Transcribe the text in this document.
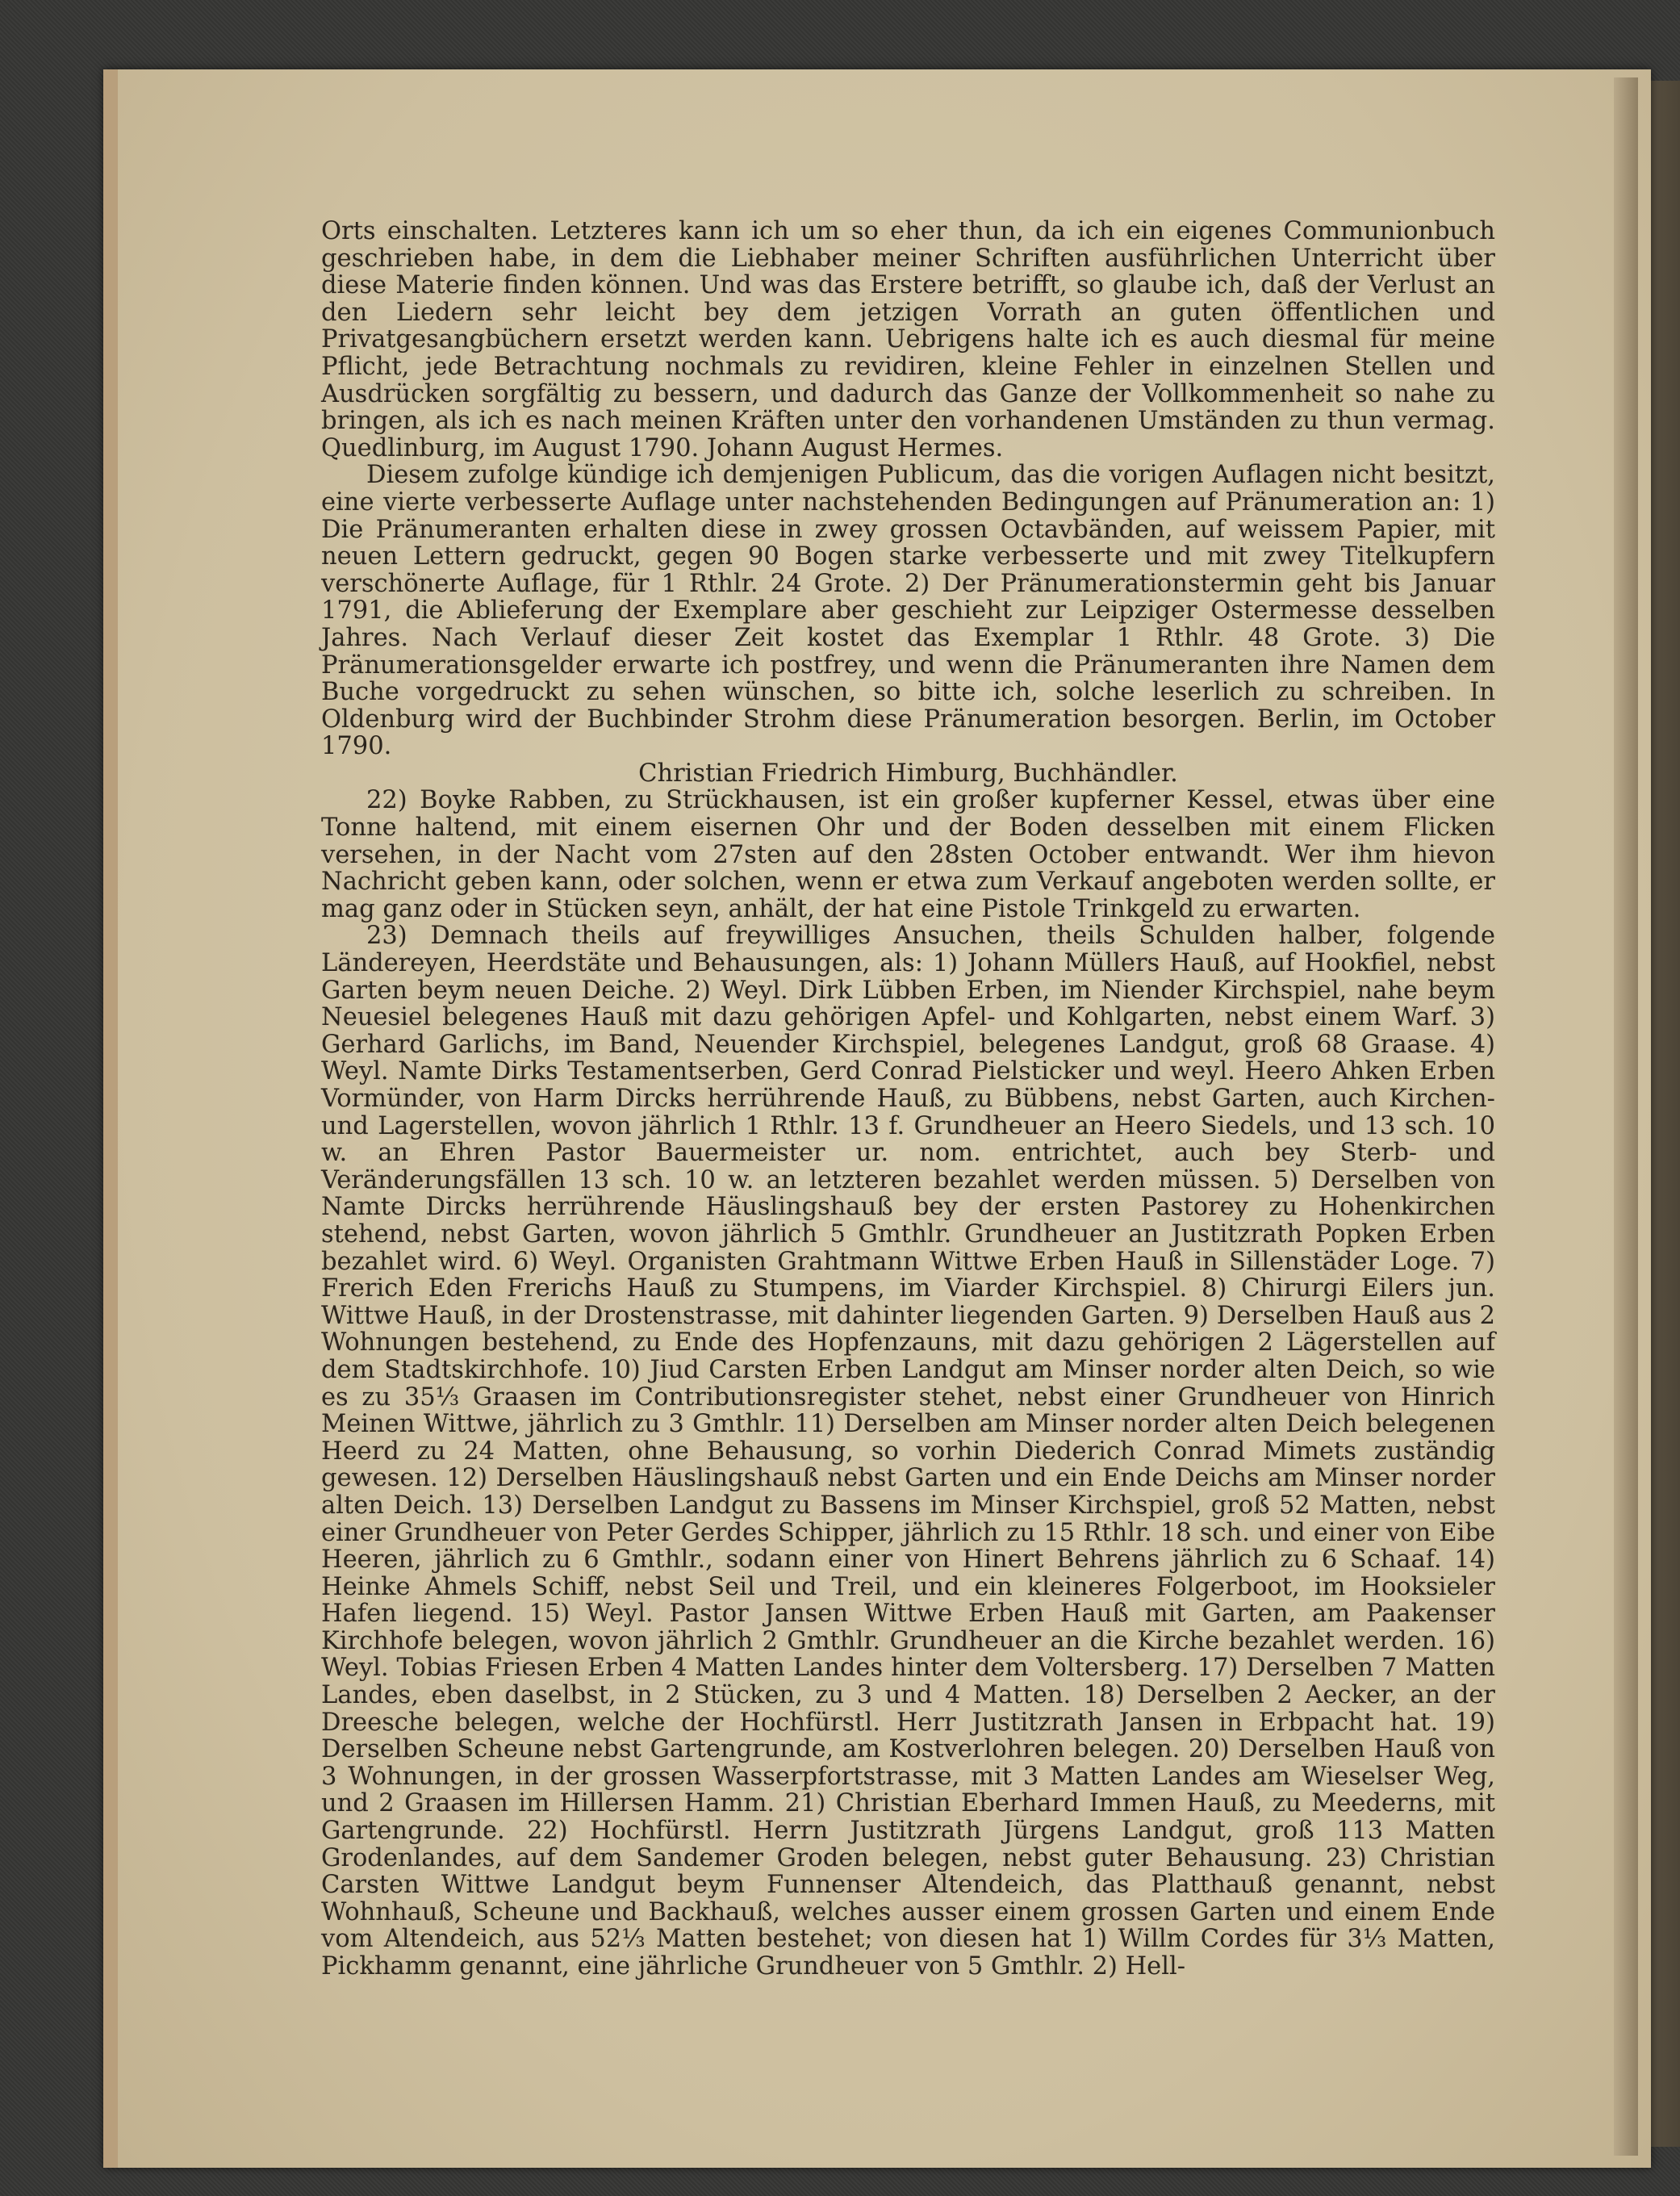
Orts einschalten. Letzteres kann ich um so eher thun, da ich ein eigenes Communionbuch geschrieben habe, in dem die Liebhaber meiner Schriften ausführlichen Unterricht über diese Materie finden können. Und was das Erstere betrifft, so glaube ich, daß der Verlust an den Liedern sehr leicht bey dem jetzigen Vorrath an guten öffentlichen und Privatgesangbüchern ersetzt werden kann. Uebrigens halte ich es auch diesmal für meine Pflicht, jede Betrachtung nochmals zu revidiren, kleine Fehler in einzelnen Stellen und Ausdrücken sorgfältig zu bessern, und dadurch das Ganze der Vollkommenheit so nahe zu bringen, als ich es nach meinen Kräften unter den vorhandenen Umständen zu thun vermag. Quedlinburg, im August 1790. Johann August Hermes.

Diesem zufolge kündige ich demjenigen Publicum, das die vorigen Auflagen nicht besitzt, eine vierte verbesserte Auflage unter nachstehenden Bedingungen auf Pränumeration an: 1) Die Pränumeranten erhalten diese in zwey grossen Octavbänden, auf weissem Papier, mit neuen Lettern gedruckt, gegen 90 Bogen starke verbesserte und mit zwey Titelkupfern verschönerte Auflage, für 1 Rthlr. 24 Grote. 2) Der Pränumerationstermin geht bis Januar 1791, die Ablieferung der Exemplare aber geschieht zur Leipziger Ostermesse desselben Jahres. Nach Verlauf dieser Zeit kostet das Exemplar 1 Rthlr. 48 Grote. 3) Die Pränumerationsgelder erwarte ich postfrey, und wenn die Pränumeranten ihre Namen dem Buche vorgedruckt zu sehen wünschen, so bitte ich, solche leserlich zu schreiben. In Oldenburg wird der Buchbinder Strohm diese Pränumeration besorgen. Berlin, im October 1790.

Christian Friedrich Himburg, Buchhändler.

22) Boyke Rabben, zu Strückhausen, ist ein großer kupferner Kessel, etwas über eine Tonne haltend, mit einem eisernen Ohr und der Boden desselben mit einem Flicken versehen, in der Nacht vom 27sten auf den 28sten October entwandt. Wer ihm hievon Nachricht geben kann, oder solchen, wenn er etwa zum Verkauf angeboten werden sollte, er mag ganz oder in Stücken seyn, anhält, der hat eine Pistole Trinkgeld zu erwarten.

23) Demnach theils auf freywilliges Ansuchen, theils Schulden halber, folgende Ländereyen, Heerdstäte und Behausungen, als: 1) Johann Müllers Hauß, auf Hookfiel, nebst Garten beym neuen Deiche. 2) Weyl. Dirk Lübben Erben, im Niender Kirchspiel, nahe beym Neuesiel belegenes Hauß mit dazu gehörigen Apfel- und Kohlgarten, nebst einem Warf. 3) Gerhard Garlichs, im Band, Neuender Kirchspiel, belegenes Landgut, groß 68 Graase. 4) Weyl. Namte Dirks Testamentserben, Gerd Conrad Pielsticker und weyl. Heero Ahken Erben Vormünder, von Harm Dircks herrührende Hauß, zu Bübbens, nebst Garten, auch Kirchen- und Lagerstellen, wovon jährlich 1 Rthlr. 13 f. Grundheuer an Heero Siedels, und 13 sch. 10 w. an Ehren Pastor Bauermeister ur. nom. entrichtet, auch bey Sterb- und Veränderungsfällen 13 sch. 10 w. an letzteren bezahlet werden müssen. 5) Derselben von Namte Dircks herrührende Häuslingshauß bey der ersten Pastorey zu Hohenkirchen stehend, nebst Garten, wovon jährlich 5 Gmthlr. Grundheuer an Justitzrath Popken Erben bezahlet wird. 6) Weyl. Organisten Grahtmann Wittwe Erben Hauß in Sillenstäder Loge. 7) Frerich Eden Frerichs Hauß zu Stumpens, im Viarder Kirchspiel. 8) Chirurgi Eilers jun. Wittwe Hauß, in der Drostenstrasse, mit dahinter liegenden Garten. 9) Derselben Hauß aus 2 Wohnungen bestehend, zu Ende des Hopfenzauns, mit dazu gehörigen 2 Lägerstellen auf dem Stadtskirchhofe. 10) Jiud Carsten Erben Landgut am Minser norder alten Deich, so wie es zu 35⅓ Graasen im Contributionsregister stehet, nebst einer Grundheuer von Hinrich Meinen Wittwe, jährlich zu 3 Gmthlr. 11) Derselben am Minser norder alten Deich belegenen Heerd zu 24 Matten, ohne Behausung, so vorhin Diederich Conrad Mimets zuständig gewesen. 12) Derselben Häuslingshauß nebst Garten und ein Ende Deichs am Minser norder alten Deich. 13) Derselben Landgut zu Bassens im Minser Kirchspiel, groß 52 Matten, nebst einer Grundheuer von Peter Gerdes Schipper, jährlich zu 15 Rthlr. 18 sch. und einer von Eibe Heeren, jährlich zu 6 Gmthlr., sodann einer von Hinert Behrens jährlich zu 6 Schaaf. 14) Heinke Ahmels Schiff, nebst Seil und Treil, und ein kleineres Folgerboot, im Hooksieler Hafen liegend. 15) Weyl. Pastor Jansen Wittwe Erben Hauß mit Garten, am Paakenser Kirchhofe belegen, wovon jährlich 2 Gmthlr. Grundheuer an die Kirche bezahlet werden. 16) Weyl. Tobias Friesen Erben 4 Matten Landes hinter dem Voltersberg. 17) Derselben 7 Matten Landes, eben daselbst, in 2 Stücken, zu 3 und 4 Matten. 18) Derselben 2 Aecker, an der Dreesche belegen, welche der Hochfürstl. Herr Justitzrath Jansen in Erbpacht hat. 19) Derselben Scheune nebst Gartengrunde, am Kostverlohren belegen. 20) Derselben Hauß von 3 Wohnungen, in der grossen Wasserpfortstrasse, mit 3 Matten Landes am Wieselser Weg, und 2 Graasen im Hillersen Hamm. 21) Christian Eberhard Immen Hauß, zu Meederns, mit Gartengrunde. 22) Hochfürstl. Herrn Justitzrath Jürgens Landgut, groß 113 Matten Grodenlandes, auf dem Sandemer Groden belegen, nebst guter Behausung. 23) Christian Carsten Wittwe Landgut beym Funnenser Altendeich, das Platthauß genannt, nebst Wohnhauß, Scheune und Backhauß, welches ausser einem grossen Garten und einem Ende vom Altendeich, aus 52⅓ Matten bestehet; von diesen hat 1) Willm Cordes für 3⅓ Matten, Pickhamm genannt, eine jährliche Grundheuer von 5 Gmthlr. 2) Hell-
